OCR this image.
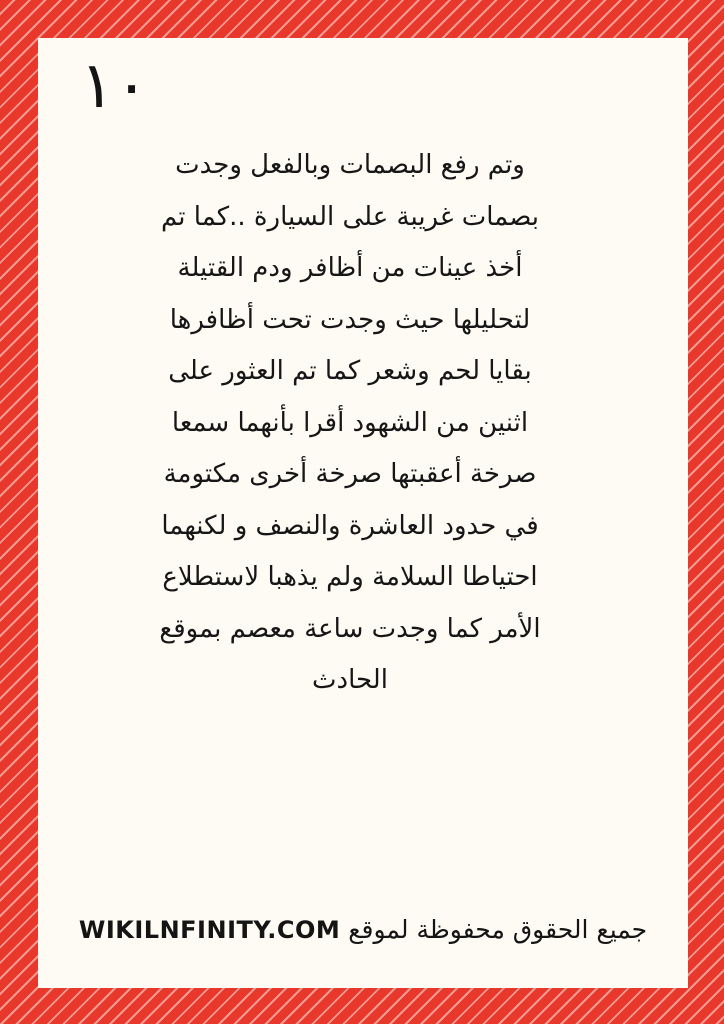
١٠
وتم رفع البصمات وبالفعل وجدت
بصمات غريبة على السيارة ..كما تم
أخذ عينات من أظافر ودم القتيلة
لتحليلها حيث وجدت تحت أظافرها
بقايا لحم وشعر كما تم العثور على
اثنين من الشهود أقرا بأنهما سمعا
صرخة أعقبتها صرخة أخرى مكتومة
في حدود العاشرة والنصف و لكنهما
احتياطا السلامة ولم يذهبا لاستطلاع
الأمر كما وجدت ساعة معصم بموقع
الحادث
جميع الحقوق محفوظة لموقع WIKILNFINITY.COM
